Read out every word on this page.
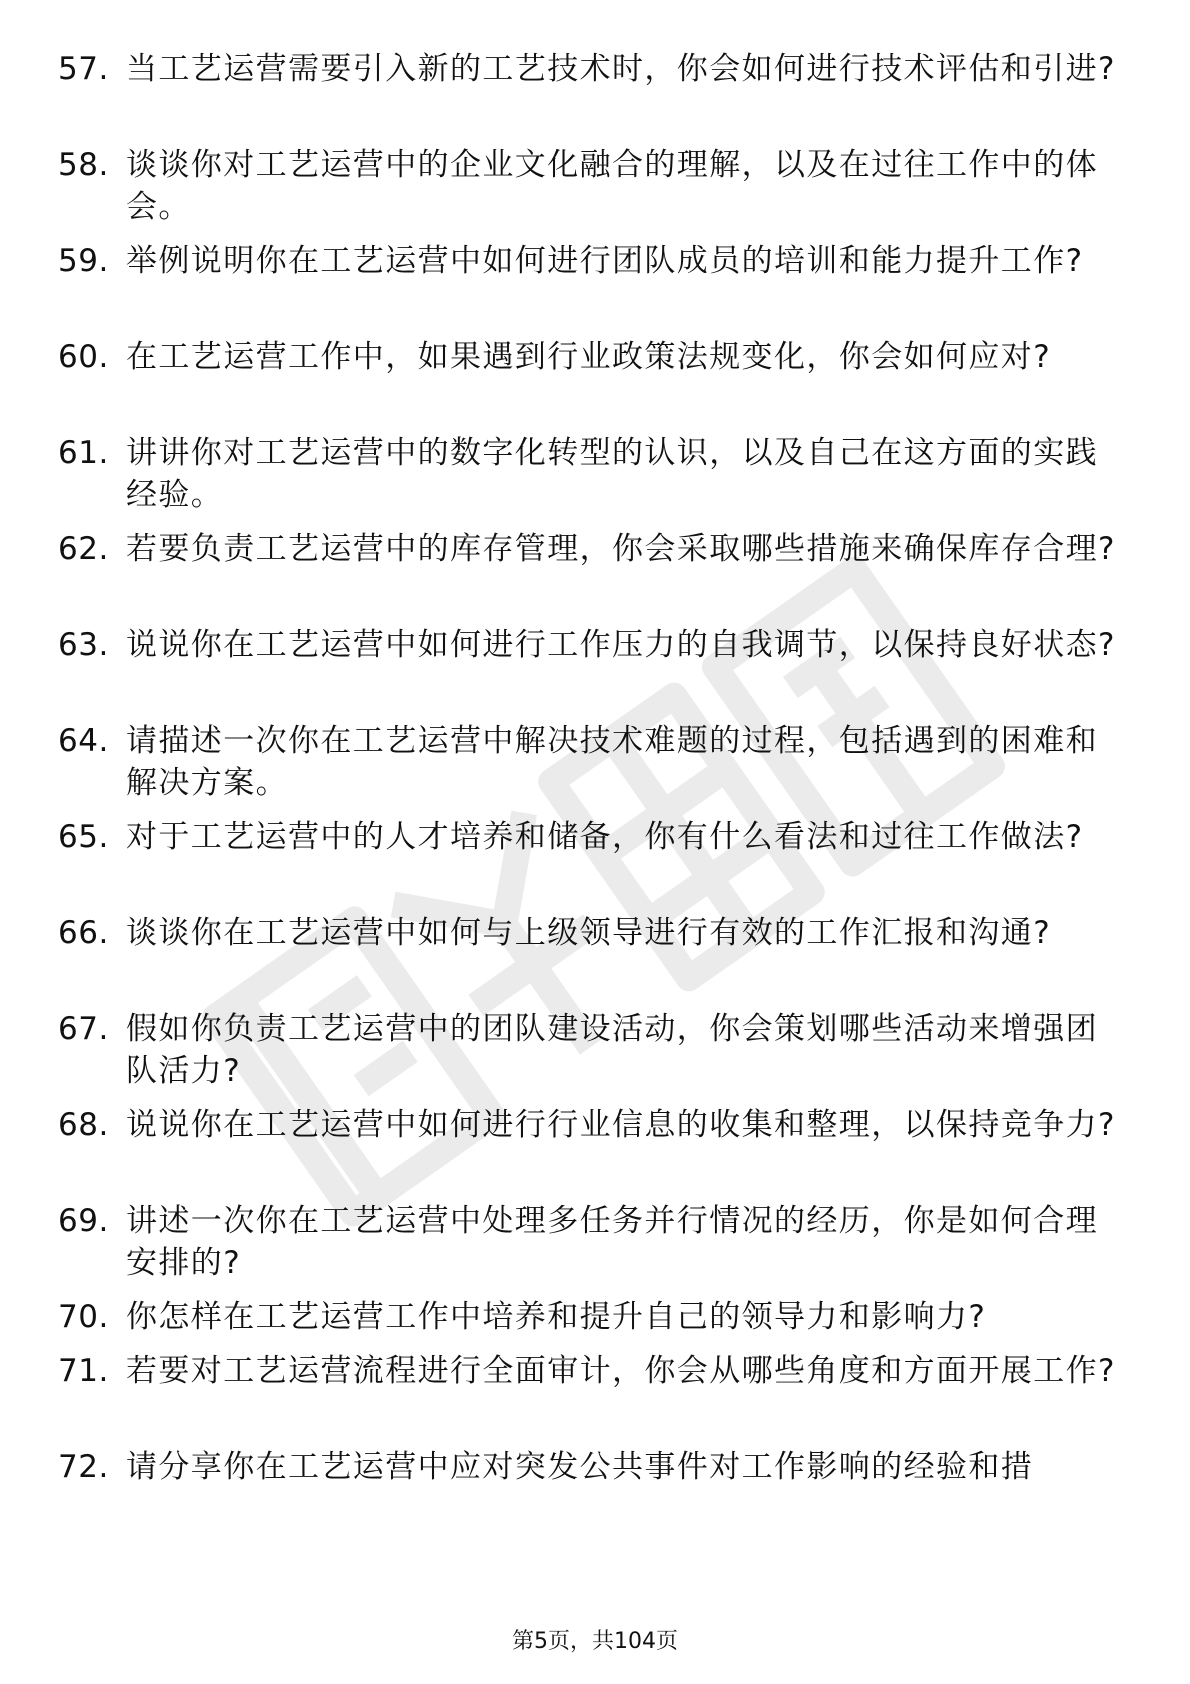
57. 当工艺运营需要引入新的工艺技术时，你会如何进行技术评估和引进?
58. 谈谈你对工艺运营中的企业文化融合的理解，以及在过往工作中的体会。
59. 举例说明你在工艺运营中如何进行团队成员的培训和能力提升工作?
60. 在工艺运营工作中，如果遇到行业政策法规变化，你会如何应对?
61. 讲讲你对工艺运营中的数字化转型的认识，以及自己在这方面的实践经验。
62. 若要负责工艺运营中的库存管理，你会采取哪些措施来确保库存合理?
63. 说说你在工艺运营中如何进行工作压力的自我调节，以保持良好状态?
64. 请描述一次你在工艺运营中解决技术难题的过程，包括遇到的困难和解决方案。
65. 对于工艺运营中的人才培养和储备，你有什么看法和过往工作做法?
66. 谈谈你在工艺运营中如何与上级领导进行有效的工作汇报和沟通?
67. 假如你负责工艺运营中的团队建设活动，你会策划哪些活动来增强团队活力?
68. 说说你在工艺运营中如何进行行业信息的收集和整理，以保持竞争力?
69. 讲述一次你在工艺运营中处理多任务并行情况的经历，你是如何合理安排的?
70. 你怎样在工艺运营工作中培养和提升自己的领导力和影响力?
71. 若要对工艺运营流程进行全面审计，你会从哪些角度和方面开展工作?
72. 请分享你在工艺运营中应对突发公共事件对工作影响的经验和措
第5页，共104页
